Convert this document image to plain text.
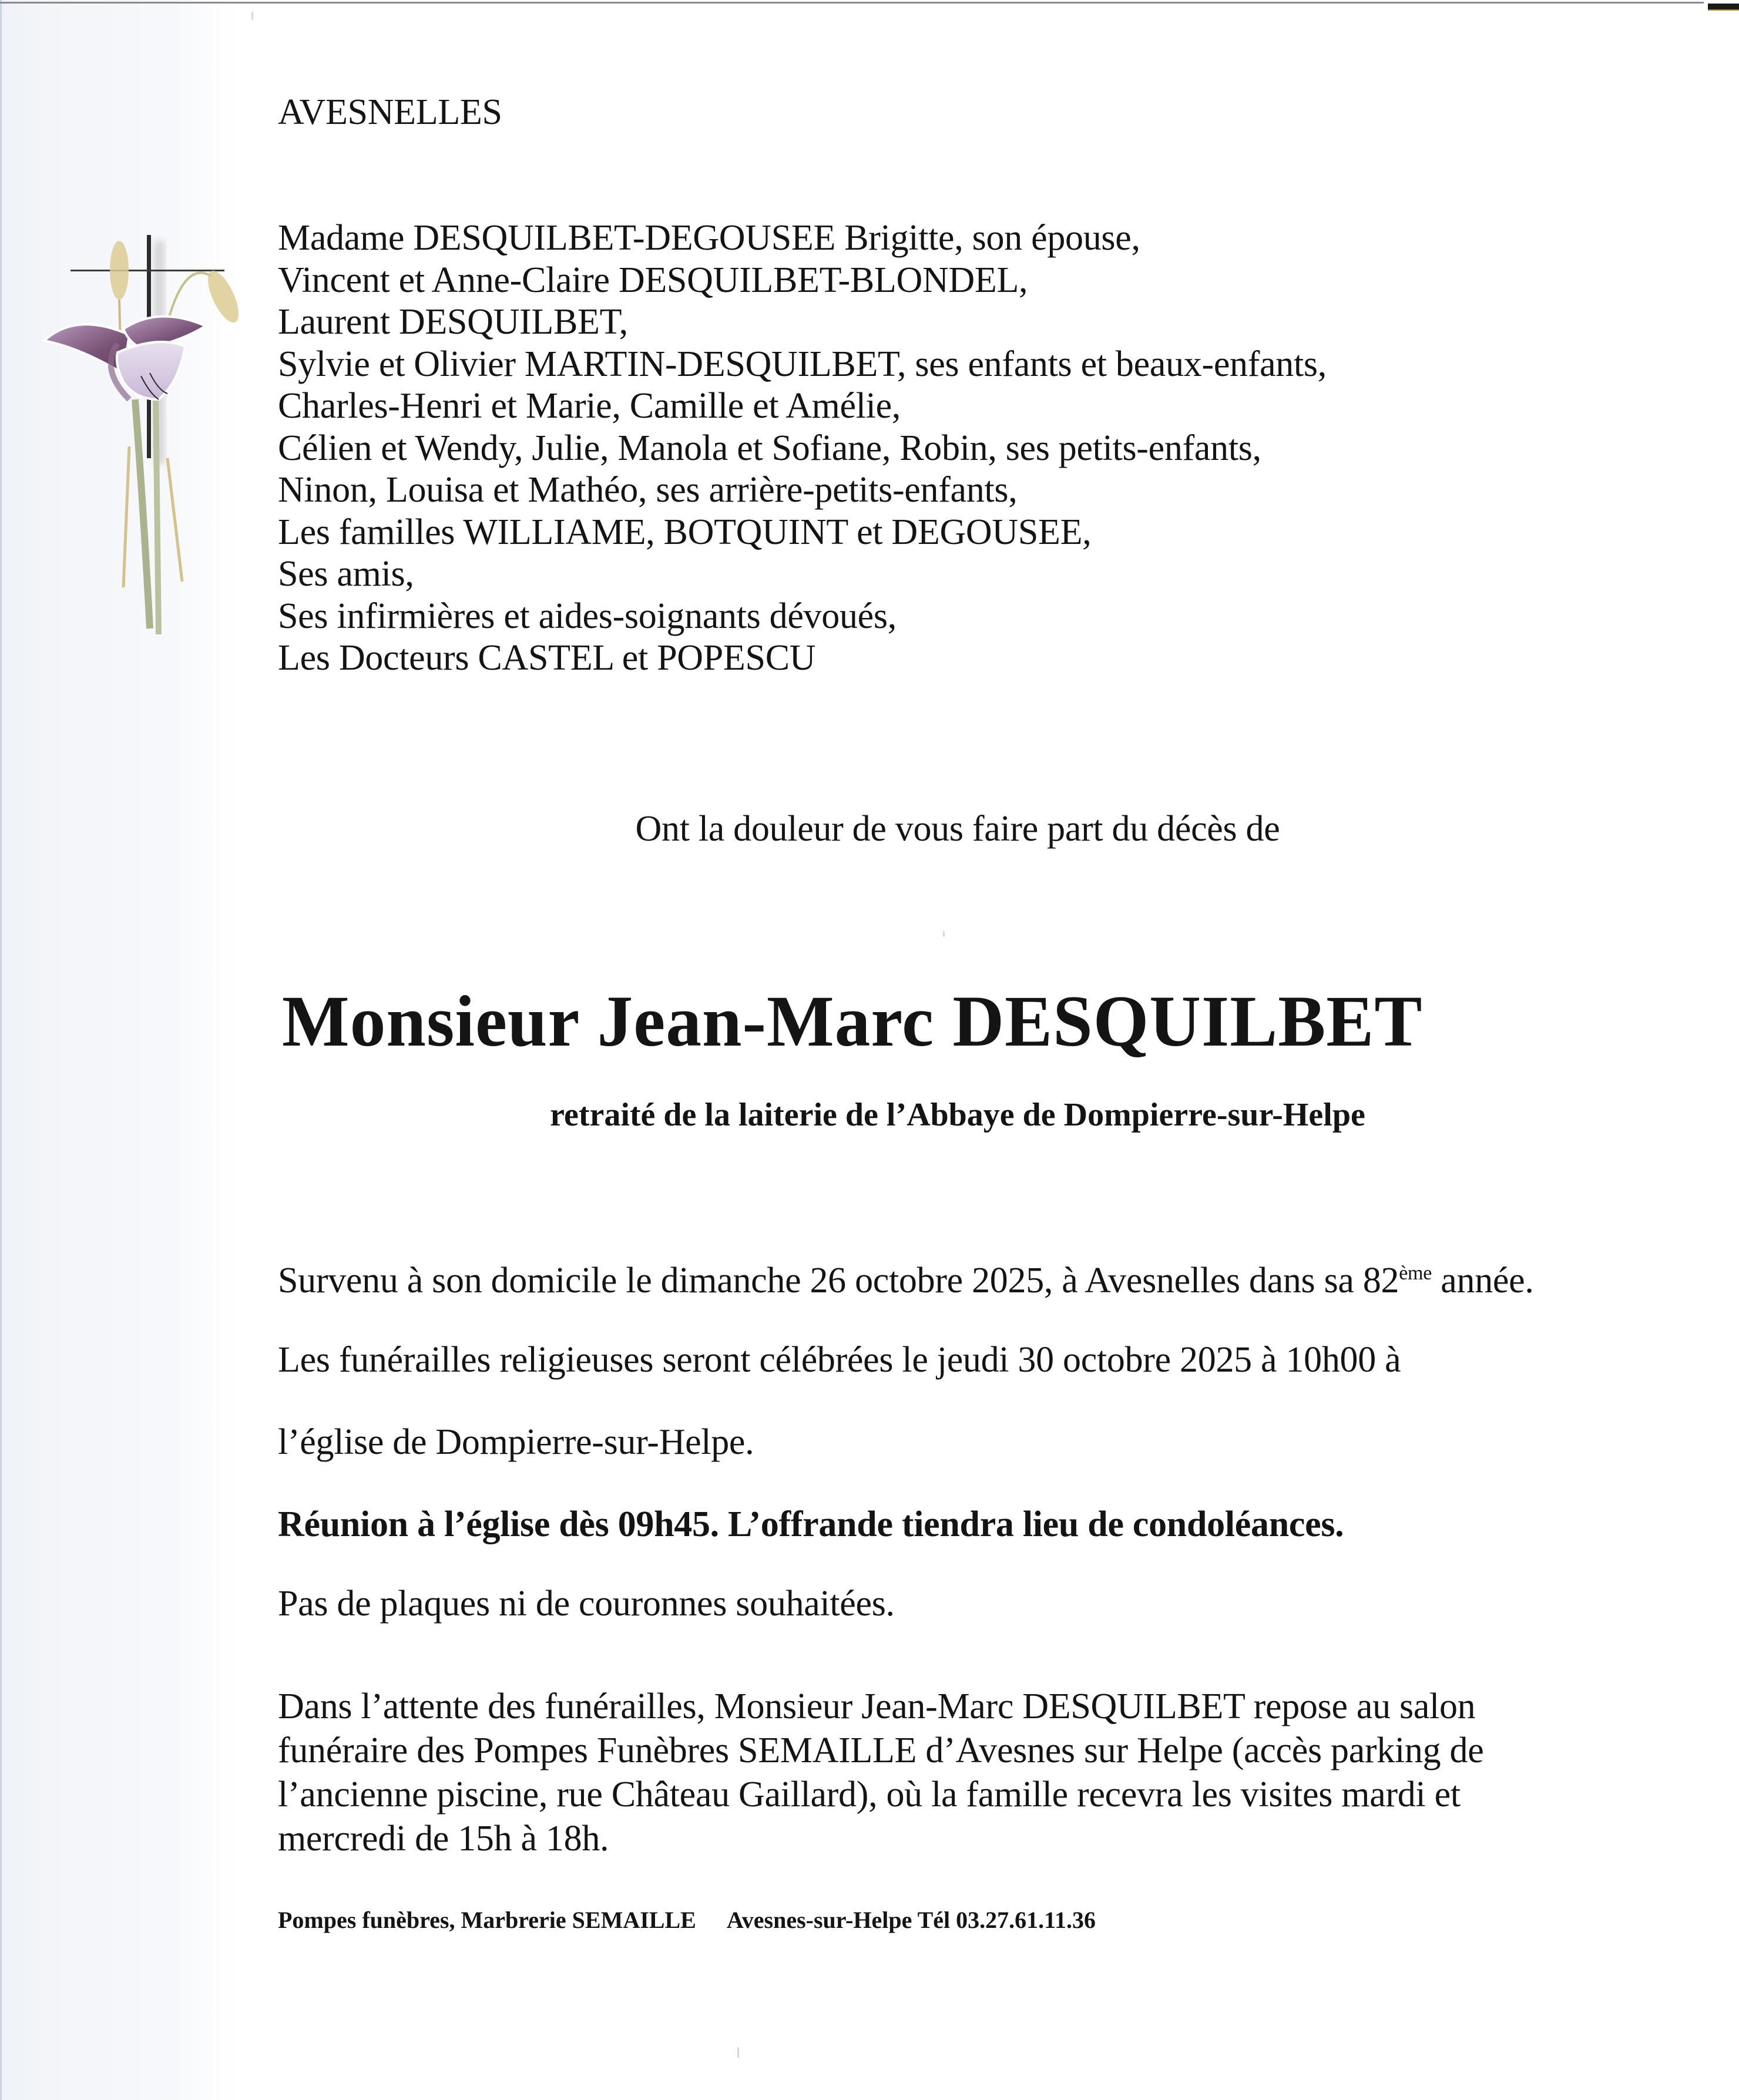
AVESNELLES
Madame DESQUILBET-DEGOUSEE Brigitte, son épouse,
Vincent et Anne-Claire DESQUILBET-BLONDEL,
Laurent DESQUILBET,
Sylvie et Olivier MARTIN-DESQUILBET, ses enfants et beaux-enfants,
Charles-Henri et Marie, Camille et Amélie,
Célien et Wendy, Julie, Manola et Sofiane, Robin, ses petits-enfants,
Ninon, Louisa et Mathéo, ses arrière-petits-enfants,
Les familles WILLIAME, BOTQUINT et DEGOUSEE,
Ses amis,
Ses infirmières et aides-soignants dévoués,
Les Docteurs CASTEL et POPESCU
Ont la douleur de vous faire part du décès de
Monsieur Jean-Marc DESQUILBET
retraité de la laiterie de l’Abbaye de Dompierre-sur-Helpe
Survenu à son domicile le dimanche 26 octobre 2025, à Avesnelles dans sa 82ème année.
Les funérailles religieuses seront célébrées le jeudi 30 octobre 2025 à 10h00 à
l’église de Dompierre-sur-Helpe.
Réunion à l’église dès 09h45. L’offrande tiendra lieu de condoléances.
Pas de plaques ni de couronnes souhaitées.
Dans l’attente des funérailles, Monsieur Jean-Marc DESQUILBET repose au salon
funéraire des Pompes Funèbres SEMAILLE d’Avesnes sur Helpe (accès parking de
l’ancienne piscine, rue Château Gaillard), où la famille recevra les visites mardi et
mercredi de 15h à 18h.
Pompes funèbres, Marbrerie SEMAILLE Avesnes-sur-Helpe Tél 03.27.61.11.36
